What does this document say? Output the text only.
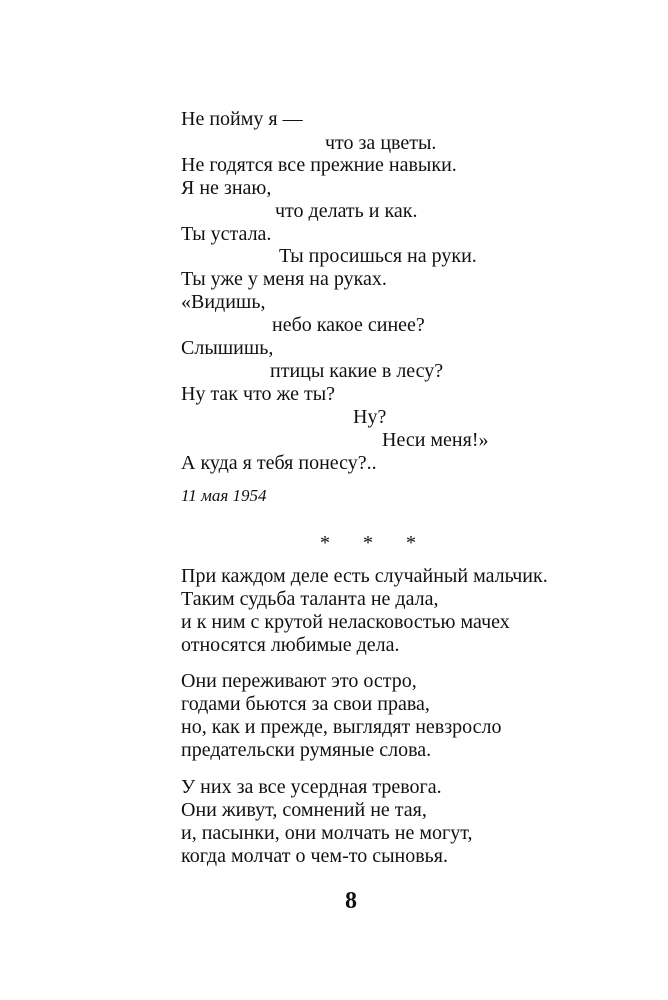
Не пойму я —
что за цветы.
Не годятся все прежние навыки.
Я не знаю,
что делать и как.
Ты устала.
Ты просишься на руки.
Ты уже у меня на руках.
«Видишь,
небо какое синее?
Слышишь,
птицы какие в лесу?
Ну так что же ты?
Ну?
Неси меня!»
А куда я тебя понесу?..
11 мая 1954
* * *
При каждом деле есть случайный мальчик.
Таким судьба таланта не дала,
и к ним с крутой неласковостью мачех
относятся любимые дела.
Они переживают это остро,
годами бьются за свои права,
но, как и прежде, выглядят невзросло
предательски румяные слова.
У них за все усердная тревога.
Они живут, сомнений не тая,
и, пасынки, они молчать не могут,
когда молчат о чем-то сыновья.
8
